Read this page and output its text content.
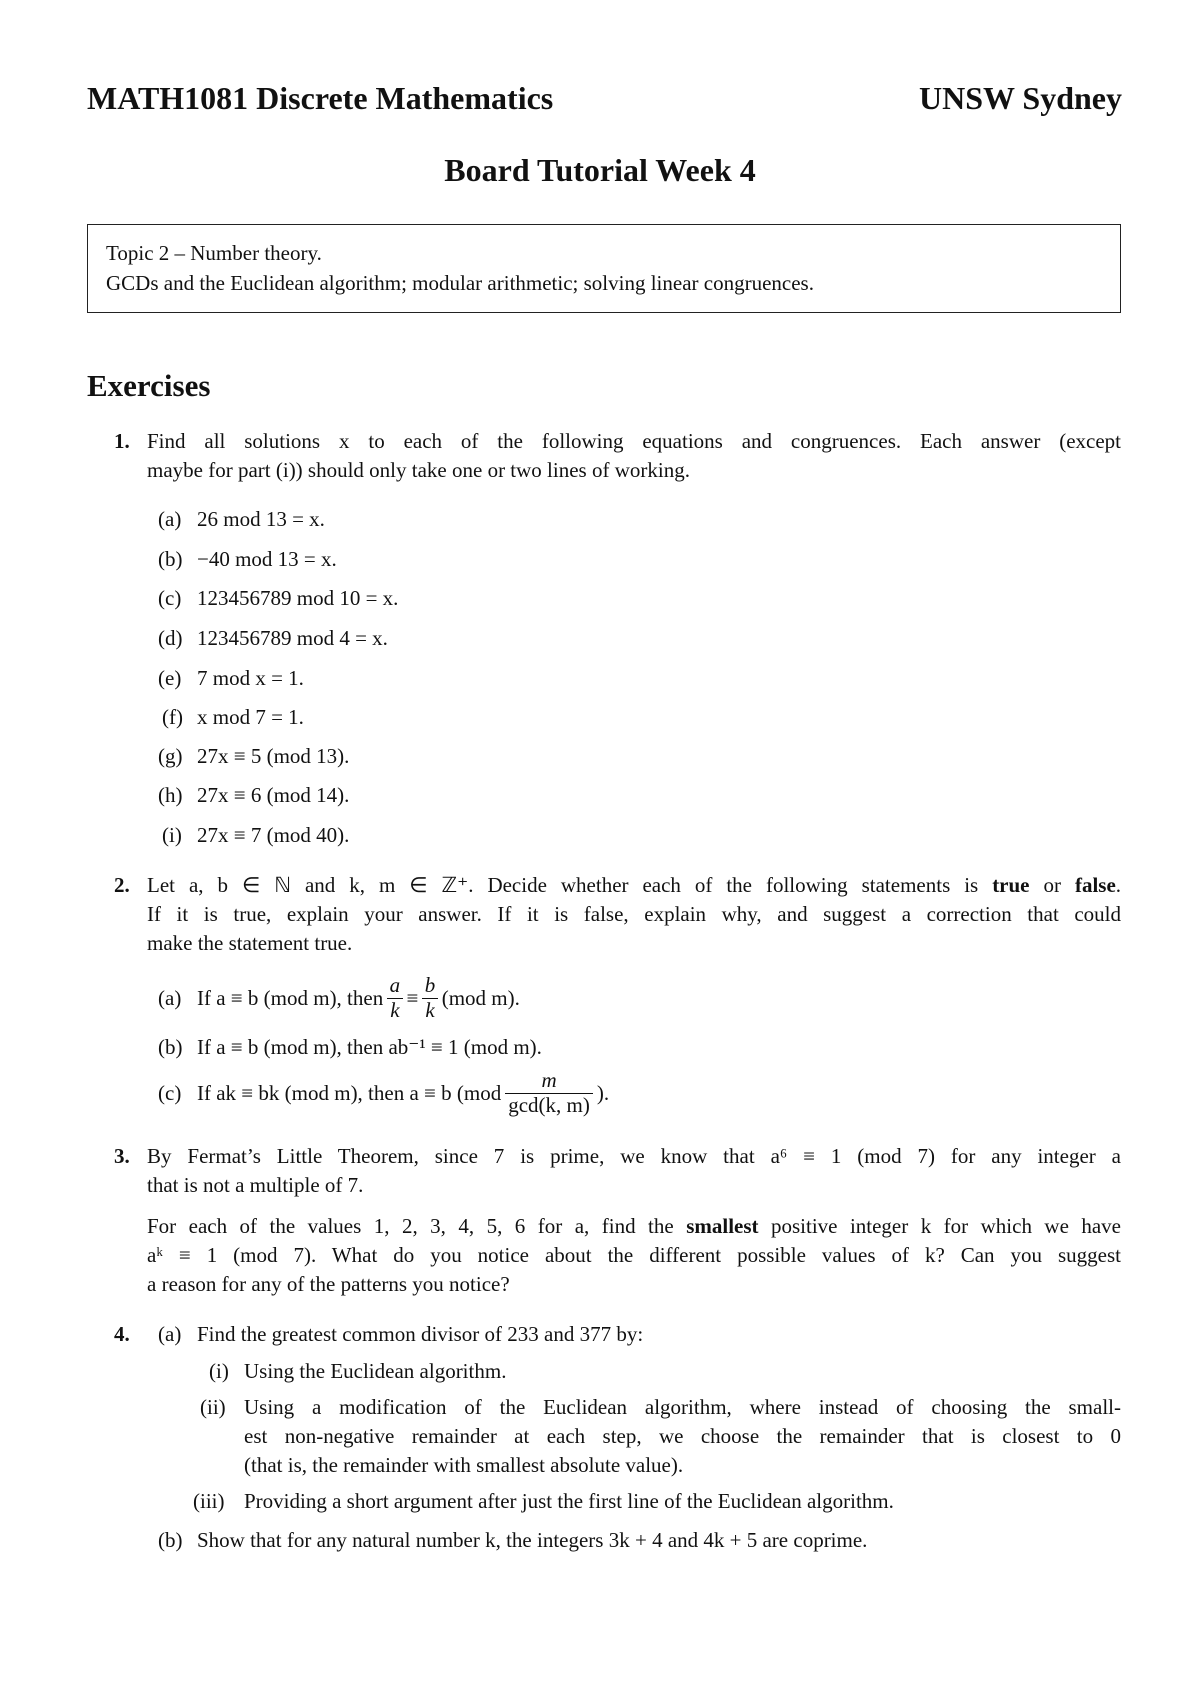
MATH1081 Discrete Mathematics	UNSW Sydney
Board Tutorial Week 4
Topic 2 – Number theory.
GCDs and the Euclidean algorithm; modular arithmetic; solving linear congruences.
Exercises
1. Find all solutions x to each of the following equations and congruences. Each answer (except
maybe for part (i)) should only take one or two lines of working.
(a) 26 mod 13 = x.
(b) −40 mod 13 = x.
(c) 123456789 mod 10 = x.
(d) 123456789 mod 4 = x.
(e) 7 mod x = 1.
(f) x mod 7 = 1.
(g) 27x ≡ 5 (mod 13).
(h) 27x ≡ 6 (mod 14).
(i) 27x ≡ 7 (mod 40).
2. Let a, b ∈ ℕ and k, m ∈ ℤ⁺. Decide whether each of the following statements is true or false.
If it is true, explain your answer. If it is false, explain why, and suggest a correction that could
make the statement true.
(a) If a ≡ b (mod m), then $\frac{a}{k} \equiv \frac{b}{k} (mod$ m).
(b) If a ≡ b (mod m), then ab⁻¹ ≡ 1 (mod m).
(c) If ak ≡ bk (mod m), then a ≡ b ($mod \frac{m}{\gcd(k, m)}$ ).
3. By Fermat’s Little Theorem, since 7 is prime, we know that a⁶ ≡ 1 (mod 7) for any integer a
that is not a multiple of 7.
For each of the values 1, 2, 3, 4, 5, 6 for a, find the smallest positive integer k for which we have
aᵏ ≡ 1 (mod 7). What do you notice about the different possible values of k? Can you suggest
a reason for any of the patterns you notice?
4. (a) Find the greatest common divisor of 233 and 377 by:
(i) Using the Euclidean algorithm.
(ii) Using a modification of the Euclidean algorithm, where instead of choosing the small-
est non-negative remainder at each step, we choose the remainder that is closest to 0
(that is, the remainder with smallest absolute value).
(iii) Providing a short argument after just the first line of the Euclidean algorithm.
(b) Show that for any natural number k, the integers 3k + 4 and 4k + 5 are coprime.
